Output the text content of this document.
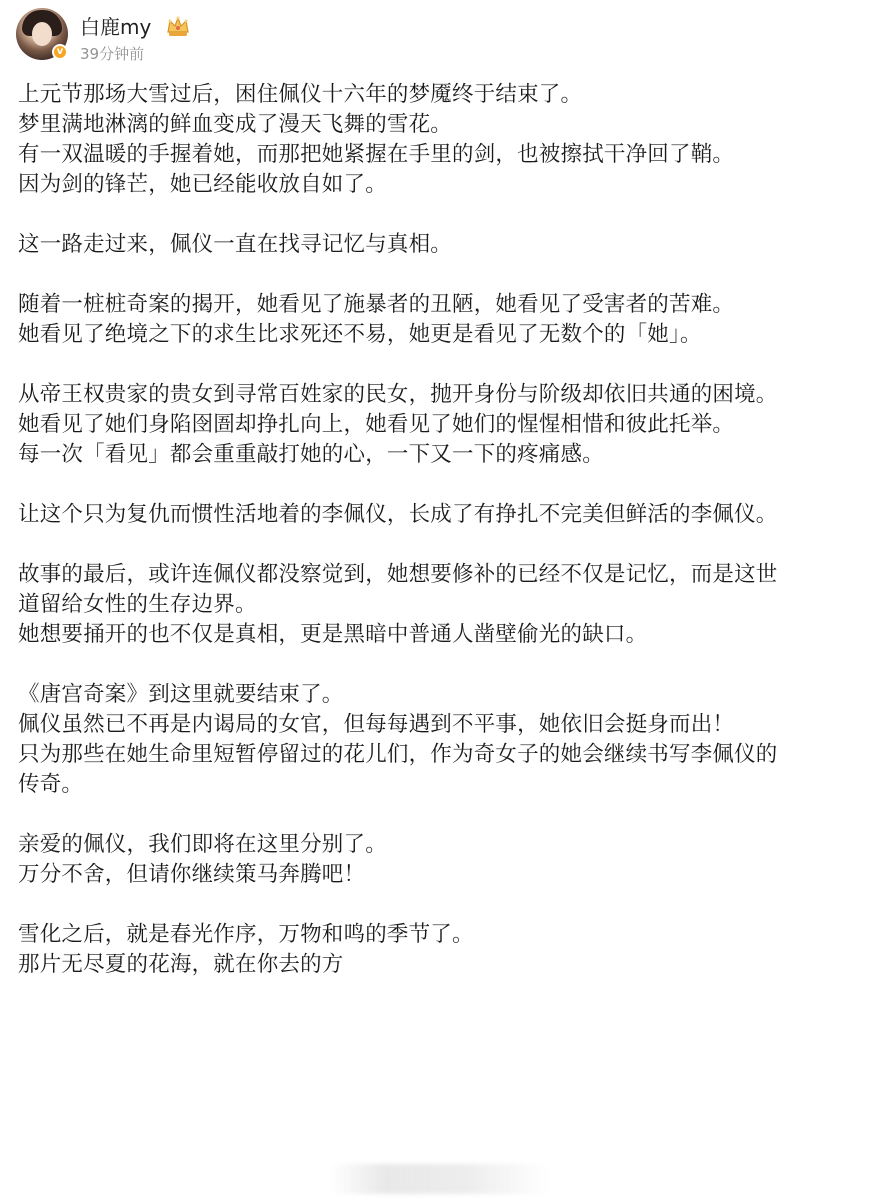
v
白鹿my
39分钟前
上元节那场大雪过后，困住佩仪十六年的梦魇终于结束了。
梦里满地淋漓的鲜血变成了漫天飞舞的雪花。
有一双温暖的手握着她，而那把她紧握在手里的剑，也被擦拭干净回了鞘。
因为剑的锋芒，她已经能收放自如了。
这一路走过来，佩仪一直在找寻记忆与真相。
随着一桩桩奇案的揭开，她看见了施暴者的丑陋，她看见了受害者的苦难。
她看见了绝境之下的求生比求死还不易，她更是看见了无数个的「她」。
从帝王权贵家的贵女到寻常百姓家的民女，抛开身份与阶级却依旧共通的困境。
她看见了她们身陷囹圄却挣扎向上，她看见了她们的惺惺相惜和彼此托举。
每一次「看见」都会重重敲打她的心，一下又一下的疼痛感。
让这个只为复仇而惯性活地着的李佩仪，长成了有挣扎不完美但鲜活的李佩仪。
故事的最后，或许连佩仪都没察觉到，她想要修补的已经不仅是记忆，而是这世
道留给女性的生存边界。
她想要捅开的也不仅是真相，更是黑暗中普通人凿壁偷光的缺口。
《唐宫奇案》到这里就要结束了。
佩仪虽然已不再是内谒局的女官，但每每遇到不平事，她依旧会挺身而出！
只为那些在她生命里短暂停留过的花儿们，作为奇女子的她会继续书写李佩仪的
传奇。
亲爱的佩仪，我们即将在这里分别了。
万分不舍，但请你继续策马奔腾吧！
雪化之后，就是春光作序，万物和鸣的季节了。
那片无尽夏的花海，就在你去的方
